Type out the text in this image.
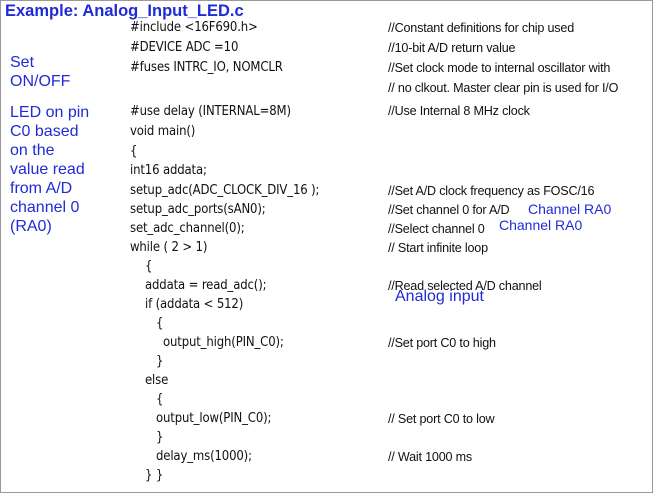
Example: Analog_Input_LED.c
Set
ON/OFF
LED on pin
C0 based
on the
value read
from A/D
channel 0
(RA0)
#include <16F690.h>
#DEVICE ADC =10
#fuses INTRC_IO, NOMCLR
#use delay (INTERNAL=8M)
void main()
{
int16 addata;
setup_adc(ADC_CLOCK_DIV_16 );
setup_adc_ports(sAN0);
set_adc_channel(0);
while ( 2 > 1)
{
addata = read_adc();
if (addata < 512)
{
output_high(PIN_C0);
}
else
{
output_low(PIN_C0);
}
delay_ms(1000);
} }
//Constant definitions for chip used
//10-bit A/D return value
//Set clock mode to internal oscillator with
// no clkout. Master clear pin is used for I/O
//Use Internal 8 MHz clock
//Set A/D clock frequency as FOSC/16
//Set channel 0 for A/D
//Select channel 0
// Start infinite loop
//Read selected A/D channel
//Set port C0 to high
// Set port C0 to low
// Wait 1000 ms
Channel RA0
Channel RA0
Analog input
